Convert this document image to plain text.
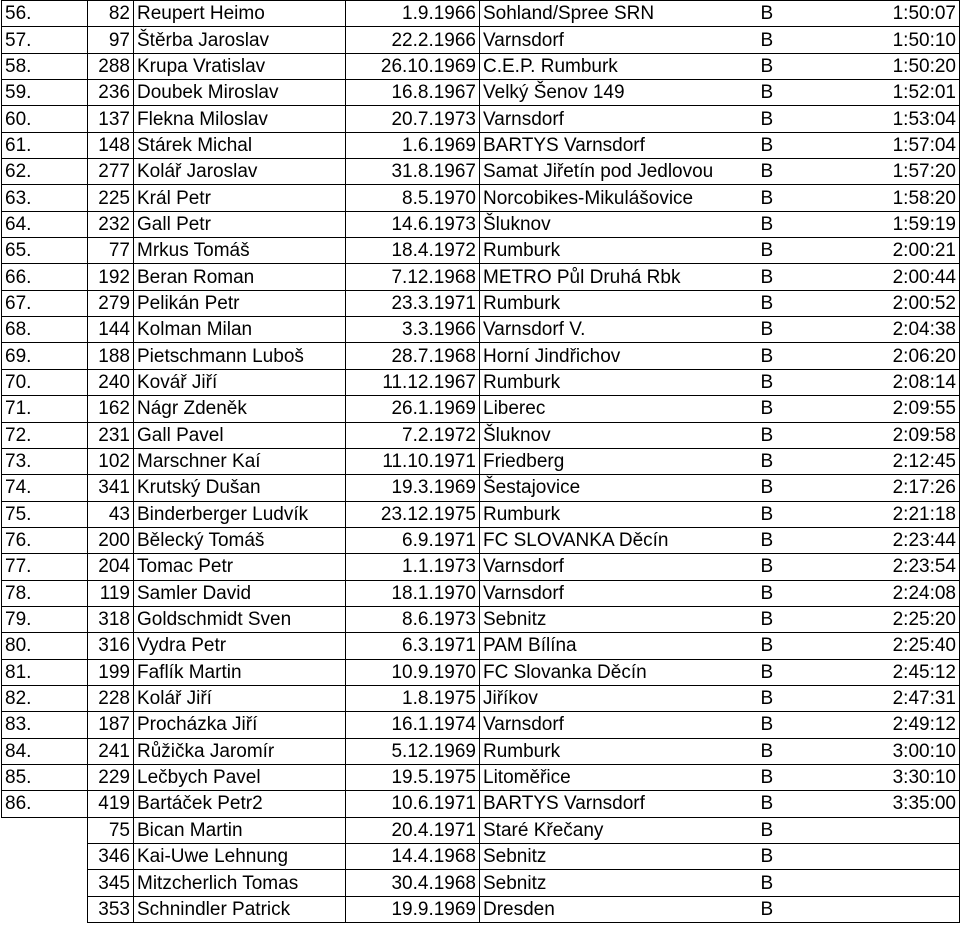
56.	82	Reupert Heimo	1.9.1966	Sohland/Spree SRN	B	1:50:07
57.	97	Štěrba Jaroslav	22.2.1966	Varnsdorf	B	1:50:10
58.	288	Krupa Vratislav	26.10.1969	C.E.P. Rumburk	B	1:50:20
59.	236	Doubek Miroslav	16.8.1967	Velký Šenov 149	B	1:52:01
60.	137	Flekna Miloslav	20.7.1973	Varnsdorf	B	1:53:04
61.	148	Stárek Michal	1.6.1969	BARTYS Varnsdorf	B	1:57:04
62.	277	Kolář Jaroslav	31.8.1967	Samat Jiřetín pod Jedlovou	B	1:57:20
63.	225	Král Petr	8.5.1970	Norcobikes-Mikulášovice	B	1:58:20
64.	232	Gall Petr	14.6.1973	Šluknov	B	1:59:19
65.	77	Mrkus Tomáš	18.4.1972	Rumburk	B	2:00:21
66.	192	Beran Roman	7.12.1968	METRO Půl Druhá Rbk	B	2:00:44
67.	279	Pelikán Petr	23.3.1971	Rumburk	B	2:00:52
68.	144	Kolman Milan	3.3.1966	Varnsdorf V.	B	2:04:38
69.	188	Pietschmann Luboš	28.7.1968	Horní Jindřichov	B	2:06:20
70.	240	Kovář Jiří	11.12.1967	Rumburk	B	2:08:14
71.	162	Nágr Zdeněk	26.1.1969	Liberec	B	2:09:55
72.	231	Gall Pavel	7.2.1972	Šluknov	B	2:09:58
73.	102	Marschner Kaí	11.10.1971	Friedberg	B	2:12:45
74.	341	Krutský Dušan	19.3.1969	Šestajovice	B	2:17:26
75.	43	Binderberger Ludvík	23.12.1975	Rumburk	B	2:21:18
76.	200	Bělecký Tomáš	6.9.1971	FC SLOVANKA Děcín	B	2:23:44
77.	204	Tomac Petr	1.1.1973	Varnsdorf	B	2:23:54
78.	119	Samler David	18.1.1970	Varnsdorf	B	2:24:08
79.	318	Goldschmidt Sven	8.6.1973	Sebnitz	B	2:25:20
80.	316	Vydra Petr	6.3.1971	PAM Bílína	B	2:25:40
81.	199	Faflík Martin	10.9.1970	FC Slovanka Děcín	B	2:45:12
82.	228	Kolář Jiří	1.8.1975	Jiříkov	B	2:47:31
83.	187	Procházka Jiří	16.1.1974	Varnsdorf	B	2:49:12
84.	241	Růžička Jaromír	5.12.1969	Rumburk	B	3:00:10
85.	229	Lečbych Pavel	19.5.1975	Litoměřice	B	3:30:10
86.	419	Bartáček Petr2	10.6.1971	BARTYS Varnsdorf	B	3:35:00
	75	Bican Martin	20.4.1971	Staré Křečany	B	
	346	Kai-Uwe Lehnung	14.4.1968	Sebnitz	B	
	345	Mitzcherlich Tomas	30.4.1968	Sebnitz	B	
	353	Schnindler Patrick	19.9.1969	Dresden	B	
